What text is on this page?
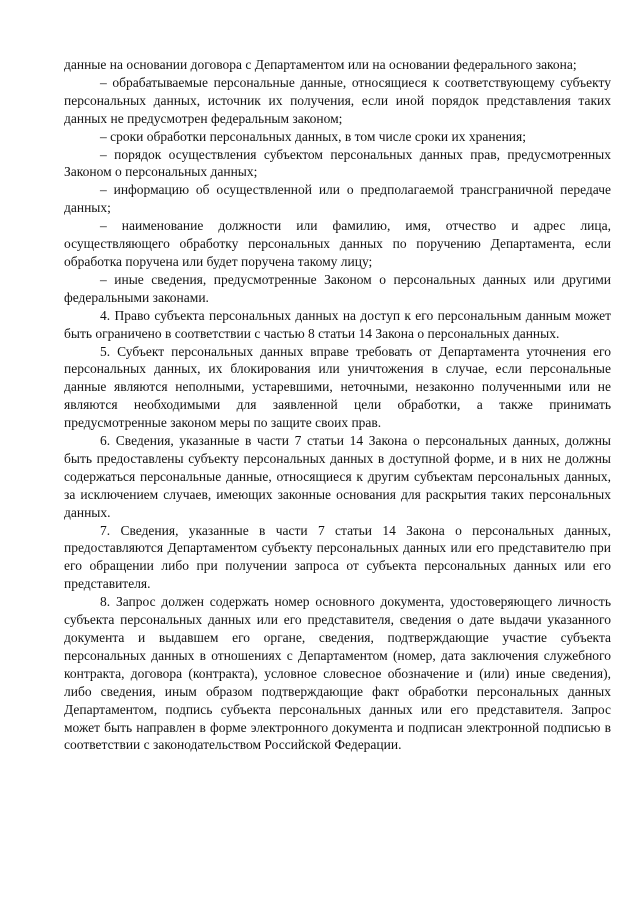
данные на основании договора с Департаментом или на основании федерального закона;

– обрабатываемые персональные данные, относящиеся к соответствующему субъекту персональных данных, источник их получения, если иной порядок представления таких данных не предусмотрен федеральным законом;

– сроки обработки персональных данных, в том числе сроки их хранения;

– порядок осуществления субъектом персональных данных прав, предусмотренных Законом о персональных данных;

– информацию об осуществленной или о предполагаемой трансграничной передаче данных;

– наименование должности или фамилию, имя, отчество и адрес лица, осуществляющего обработку персональных данных по поручению Департамента, если обработка поручена или будет поручена такому лицу;

– иные сведения, предусмотренные Законом о персональных данных или другими федеральными законами.

4. Право субъекта персональных данных на доступ к его персональным данным может быть ограничено в соответствии с частью 8 статьи 14 Закона о персональных данных.

5. Субъект персональных данных вправе требовать от Департамента уточнения его персональных данных, их блокирования или уничтожения в случае, если персональные данные являются неполными, устаревшими, неточными, незаконно полученными или не являются необходимыми для заявленной цели обработки, а также принимать предусмотренные законом меры по защите своих прав.

6. Сведения, указанные в части 7 статьи 14 Закона о персональных данных, должны быть предоставлены субъекту персональных данных в доступной форме, и в них не должны содержаться персональные данные, относящиеся к другим субъектам персональных данных, за исключением случаев, имеющих законные основания для раскрытия таких персональных данных.

7. Сведения, указанные в части 7 статьи 14 Закона о персональных данных, предоставляются Департаментом субъекту персональных данных или его представителю при его обращении либо при получении запроса от субъекта персональных данных или его представителя.

8. Запрос должен содержать номер основного документа, удостоверяющего личность субъекта персональных данных или его представителя, сведения о дате выдачи указанного документа и выдавшем его органе, сведения, подтверждающие участие субъекта персональных данных в отношениях с Департаментом (номер, дата заключения служебного контракта, договора (контракта), условное словесное обозначение и (или) иные сведения), либо сведения, иным образом подтверждающие факт обработки персональных данных Департаментом, подпись субъекта персональных данных или его представителя. Запрос может быть направлен в форме электронного документа и подписан электронной подписью в соответствии с законодательством Российской Федерации.
